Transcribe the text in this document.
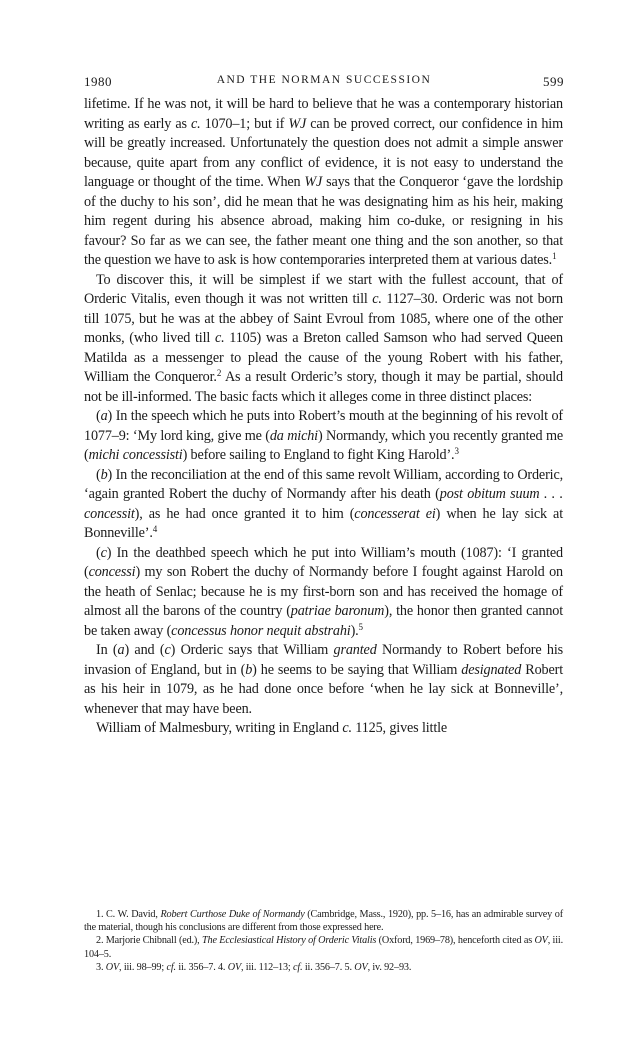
1980	AND THE NORMAN SUCCESSION	599

lifetime. If he was not, it will be hard to believe that he was a contemporary historian writing as early as c. 1070–1; but if WJ can be proved correct, our confidence in him will be greatly increased. Unfortunately the question does not admit a simple answer because, quite apart from any conflict of evidence, it is not easy to understand the language or thought of the time. When WJ says that the Conqueror ‘gave the lordship of the duchy to his son’, did he mean that he was designating him as his heir, making him regent during his absence abroad, making him co-duke, or resigning in his favour? So far as we can see, the father meant one thing and the son another, so that the question we have to ask is how contemporaries interpreted them at various dates.$^1$

To discover this, it will be simplest if we start with the fullest account, that of Orderic Vitalis, even though it was not written till c. 1127–30. Orderic was not born till 1075, but he was at the abbey of Saint Evroul from 1085, where one of the other monks, (who lived till c. 1105) was a Breton called Samson who had served Queen Matilda as a messenger to plead the cause of the young Robert with his father, William the Conqueror.$^2$ As a result Orderic’s story, though it may be partial, should not be ill-informed. The basic facts which it alleges come in three distinct places:

(a) In the speech which he puts into Robert’s mouth at the beginning of his revolt of 1077–9: ‘My lord king, give me (da michi) Normandy, which you recently granted me (michi concessisti) before sailing to England to fight King Harold’.$^3$

(b) In the reconciliation at the end of this same revolt William, according to Orderic, ‘again granted Robert the duchy of Normandy after his death (post obitum suum . . . concessit), as he had once granted it to him (concesserat ei) when he lay sick at Bonneville’.$^4$

(c) In the deathbed speech which he put into William’s mouth (1087): ‘I granted (concessi) my son Robert the duchy of Normandy before I fought against Harold on the heath of Senlac; because he is my first-born son and has received the homage of almost all the barons of the country (patriae baronum), the honor then granted cannot be taken away (concessus honor nequit abstrahi).$^5$

In (a) and (c) Orderic says that William granted Normandy to Robert before his invasion of England, but in (b) he seems to be saying that William designated Robert as his heir in 1079, as he had done once before ‘when he lay sick at Bonneville’, whenever that may have been.

William of Malmesbury, writing in England c. 1125, gives little

1. C. W. David, Robert Curthose Duke of Normandy (Cambridge, Mass., 1920), pp. 5–16, has an admirable survey of the material, though his conclusions are different from those expressed here.

2. Marjorie Chibnall (ed.), The Ecclesiastical History of Orderic Vitalis (Oxford, 1969–78), henceforth cited as OV, iii. 104–5.

3. OV, iii. 98–99; cf. ii. 356–7. 4. OV, iii. 112–13; cf. ii. 356–7. 5. OV, iv. 92–93.
